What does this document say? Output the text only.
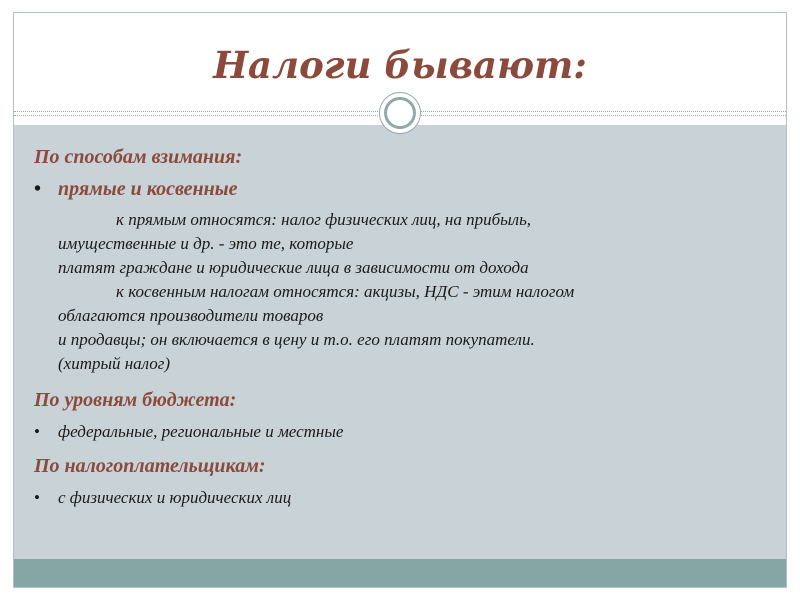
Налоги бывают:

По способам взимания:

• прямые и косвенные

к прямым относятся: налог физических лиц, на прибыль,

имущественные и др. - это те, которые

платят граждане и юридические лица в зависимости от дохода

к косвенным налогам относятся: акцизы, НДС - этим налогом

облагаются производители товаров

и продавцы; он включается в цену и т.о. его платят покупатели.

(хитрый налог)

По уровням бюджета:

• федеральные, региональные и местные

По налогоплательщикам:

• с физических и юридических лиц
